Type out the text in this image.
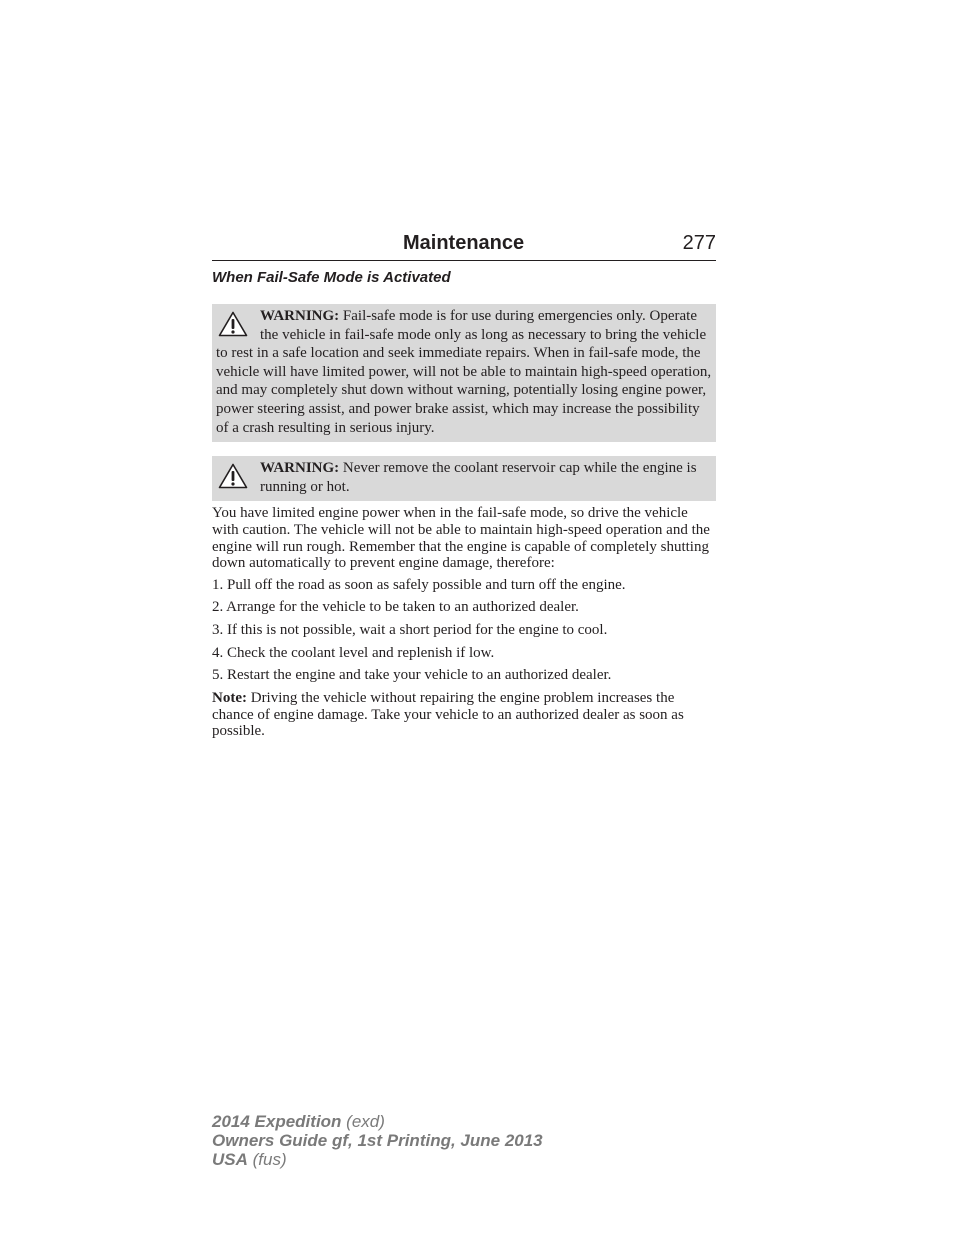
Maintenance	277
When Fail-Safe Mode is Activated
WARNING: Fail-safe mode is for use during emergencies only. Operate the vehicle in fail-safe mode only as long as necessary to bring the vehicle to rest in a safe location and seek immediate repairs. When in fail-safe mode, the vehicle will have limited power, will not be able to maintain high-speed operation, and may completely shut down without warning, potentially losing engine power, power steering assist, and power brake assist, which may increase the possibility of a crash resulting in serious injury.
WARNING: Never remove the coolant reservoir cap while the engine is running or hot.
You have limited engine power when in the fail-safe mode, so drive the vehicle with caution. The vehicle will not be able to maintain high-speed operation and the engine will run rough. Remember that the engine is capable of completely shutting down automatically to prevent engine damage, therefore:
1. Pull off the road as soon as safely possible and turn off the engine.
2. Arrange for the vehicle to be taken to an authorized dealer.
3. If this is not possible, wait a short period for the engine to cool.
4. Check the coolant level and replenish if low.
5. Restart the engine and take your vehicle to an authorized dealer.
Note: Driving the vehicle without repairing the engine problem increases the chance of engine damage. Take your vehicle to an authorized dealer as soon as possible.
2014 Expedition (exd)
Owners Guide gf, 1st Printing, June 2013
USA (fus)
